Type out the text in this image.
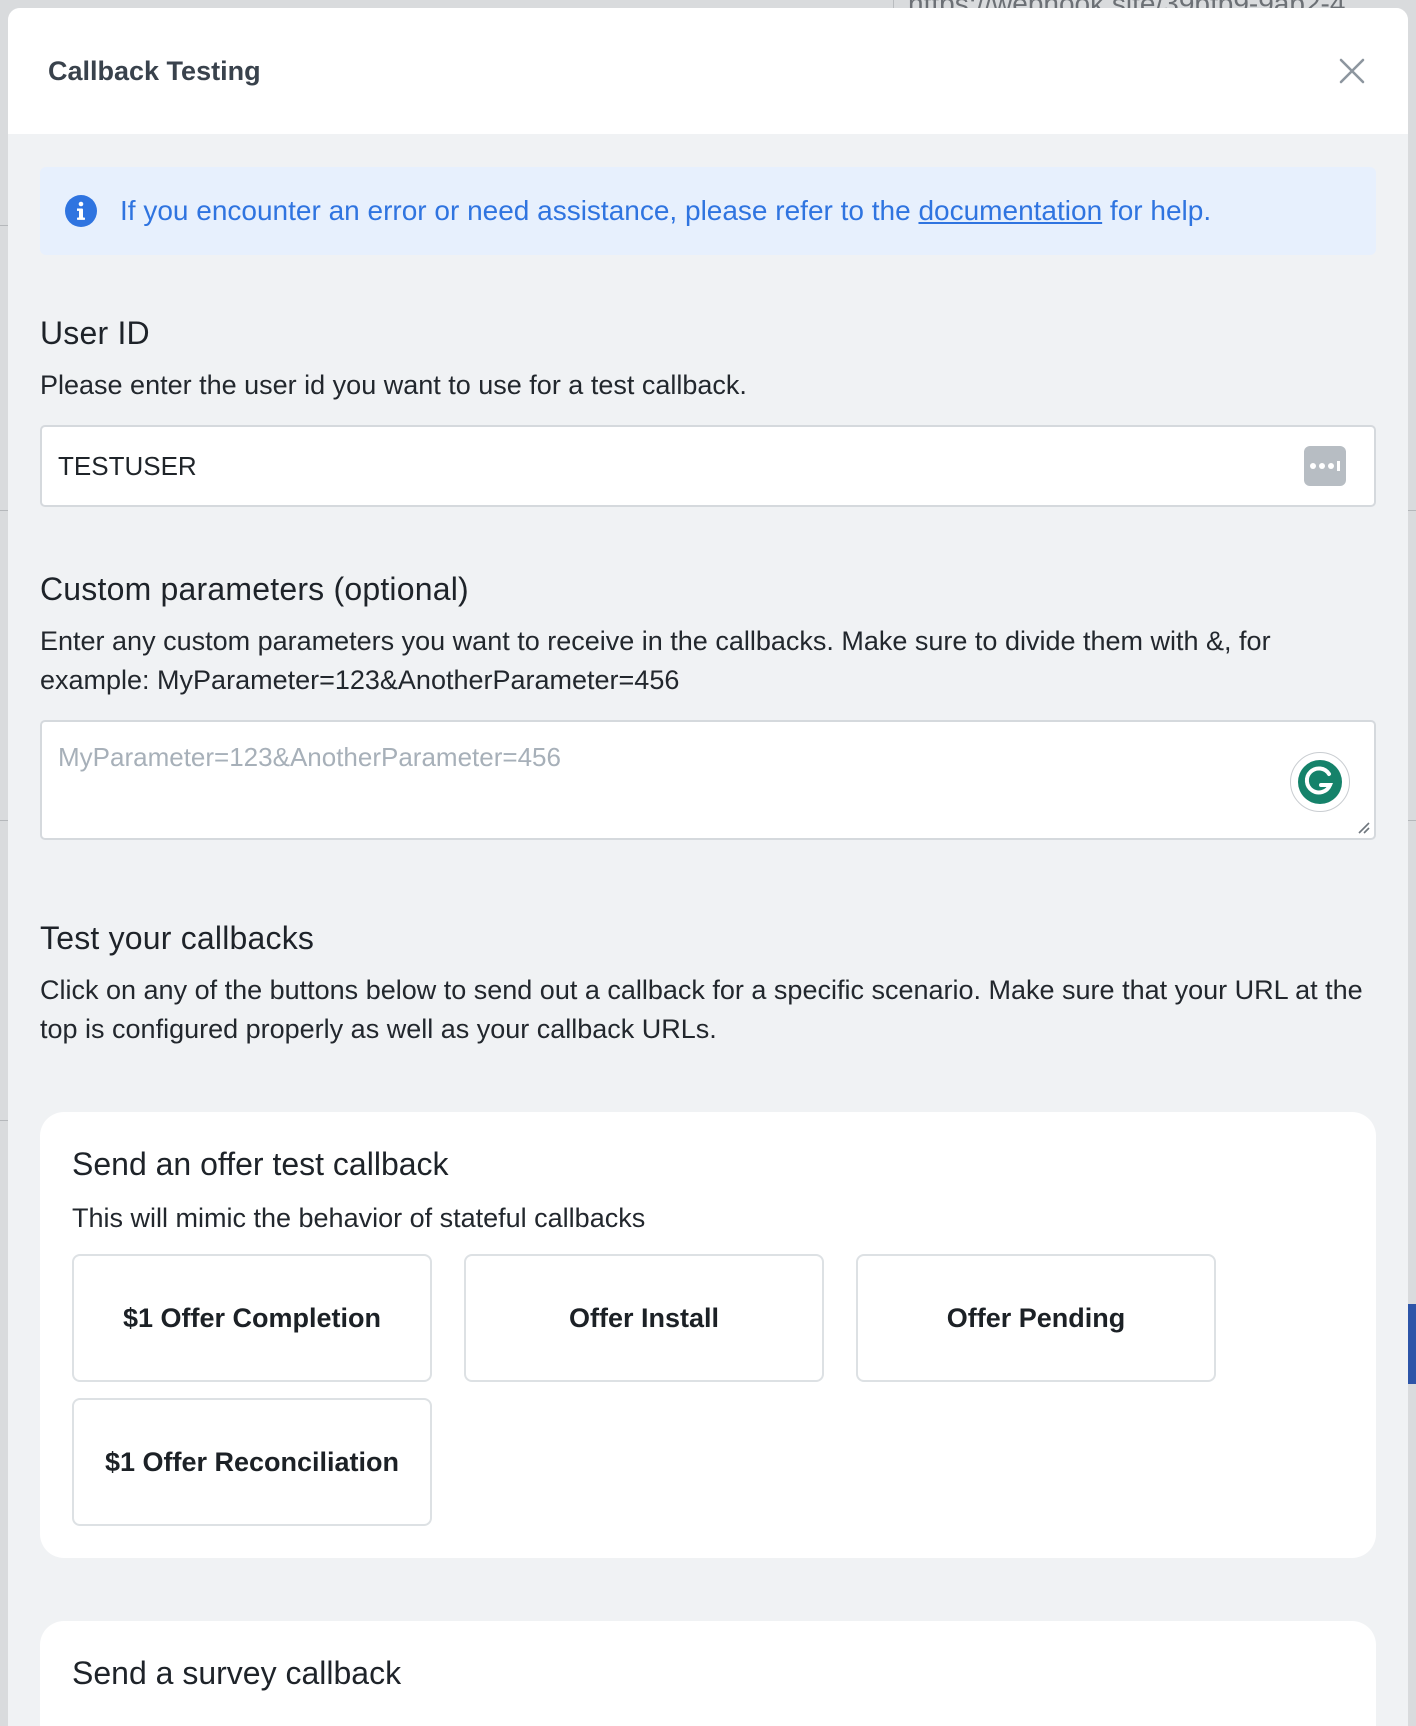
Callback Testing
If you encounter an error or need assistance, please refer to the documentation for help.
User ID
Please enter the user id you want to use for a test callback.
TESTUSER
Custom parameters (optional)
Enter any custom parameters you want to receive in the callbacks. Make sure to divide them with &, for example: MyParameter=123&AnotherParameter=456
MyParameter=123&AnotherParameter=456
Test your callbacks
Click on any of the buttons below to send out a callback for a specific scenario. Make sure that your URL at the top is configured properly as well as your callback URLs.
Send an offer test callback
This will mimic the behavior of stateful callbacks
$1 Offer Completion	Offer Install	Offer Pending
$1 Offer Reconciliation
Send a survey callback
